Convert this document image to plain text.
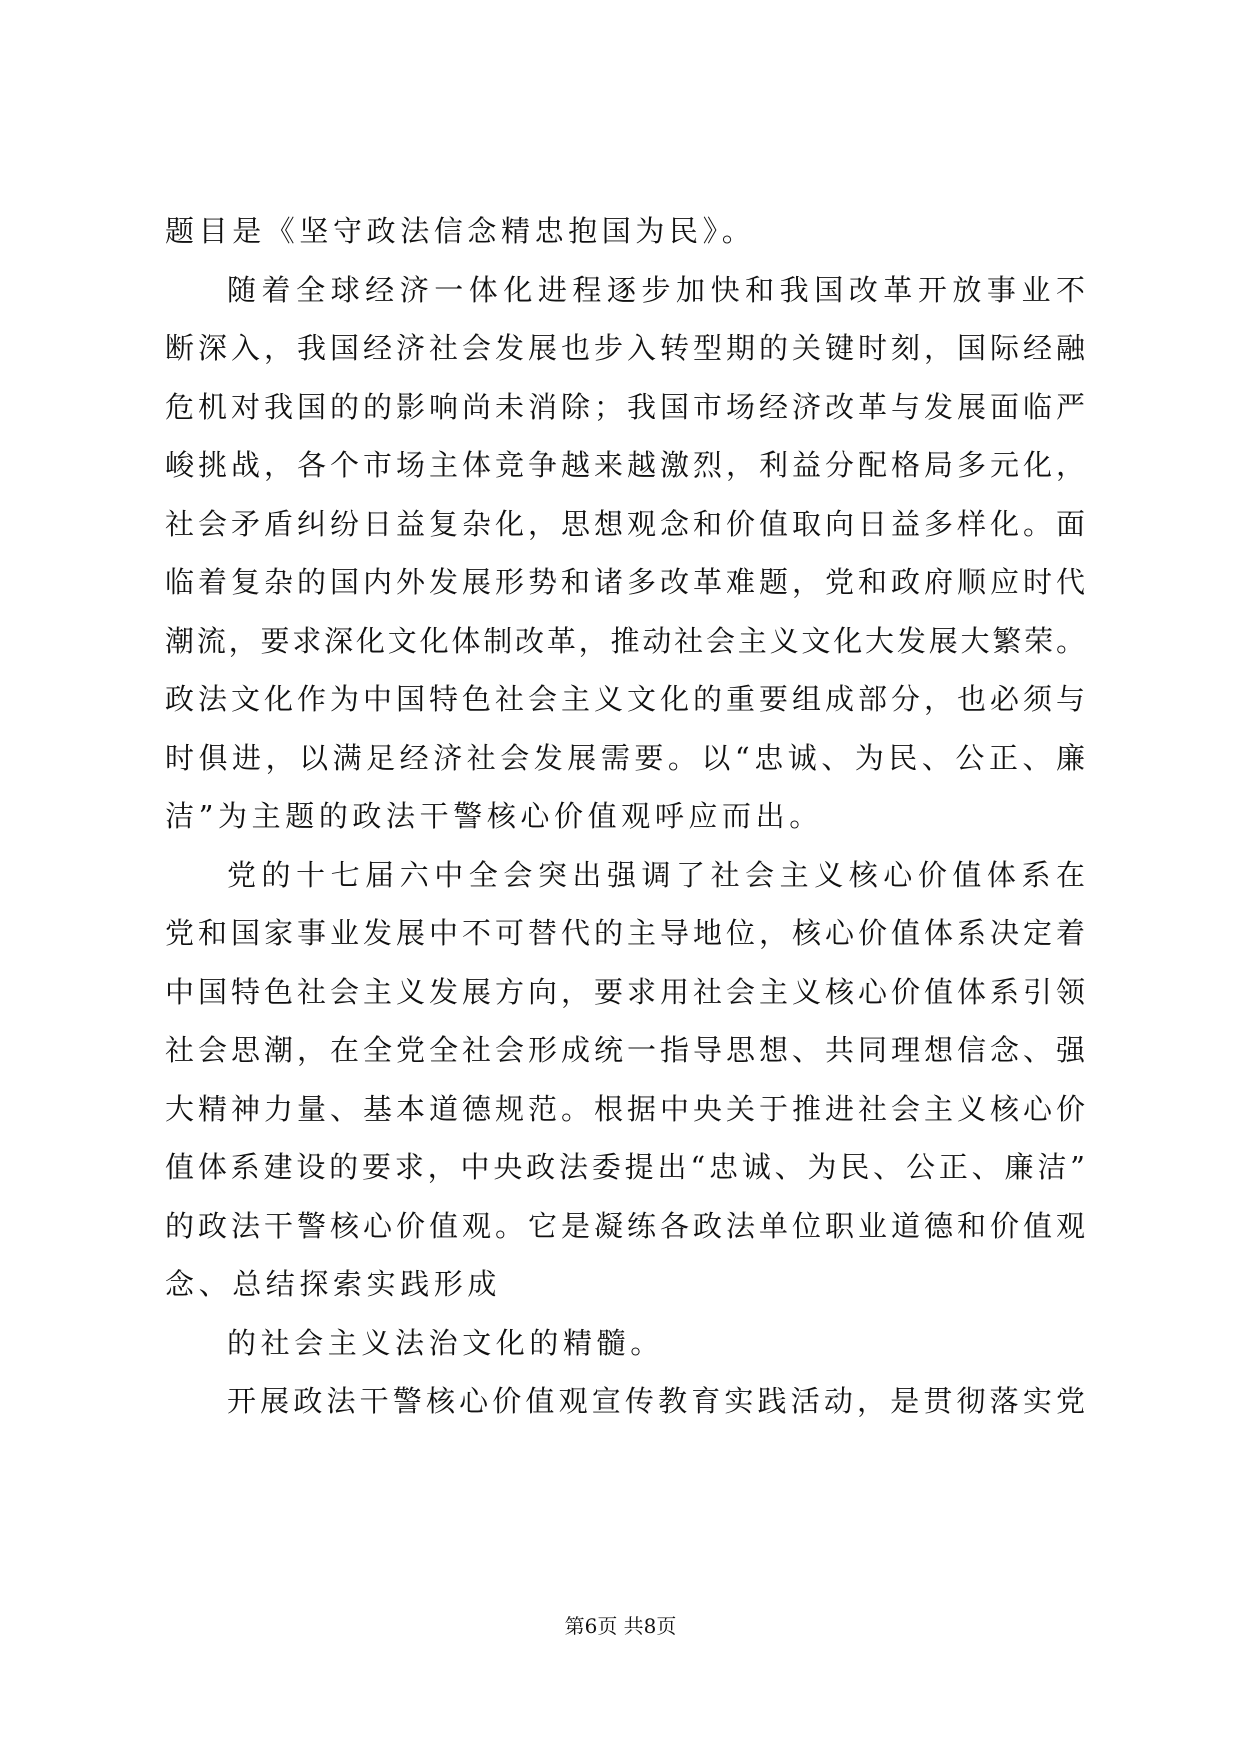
题目是《坚守政法信念精忠抱国为民》。
随着全球经济一体化进程逐步加快和我国改革开放事业不
断深入，我国经济社会发展也步入转型期的关键时刻，国际经融
危机对我国的的影响尚未消除；我国市场经济改革与发展面临严
峻挑战，各个市场主体竞争越来越激烈，利益分配格局多元化，
社会矛盾纠纷日益复杂化，思想观念和价值取向日益多样化。面
临着复杂的国内外发展形势和诸多改革难题，党和政府顺应时代
潮流，要求深化文化体制改革，推动社会主义文化大发展大繁荣。
政法文化作为中国特色社会主义文化的重要组成部分，也必须与
时俱进，以满足经济社会发展需要。以“忠诚、为民、公正、廉
洁”为主题的政法干警核心价值观呼应而出。
党的十七届六中全会突出强调了社会主义核心价值体系在
党和国家事业发展中不可替代的主导地位，核心价值体系决定着
中国特色社会主义发展方向，要求用社会主义核心价值体系引领
社会思潮，在全党全社会形成统一指导思想、共同理想信念、强
大精神力量、基本道德规范。根据中央关于推进社会主义核心价
值体系建设的要求，中央政法委提出“忠诚、为民、公正、廉洁”
的政法干警核心价值观。它是凝练各政法单位职业道德和价值观
念、总结探索实践形成
的社会主义法治文化的精髓。
开展政法干警核心价值观宣传教育实践活动，是贯彻落实党
第6页 共8页
